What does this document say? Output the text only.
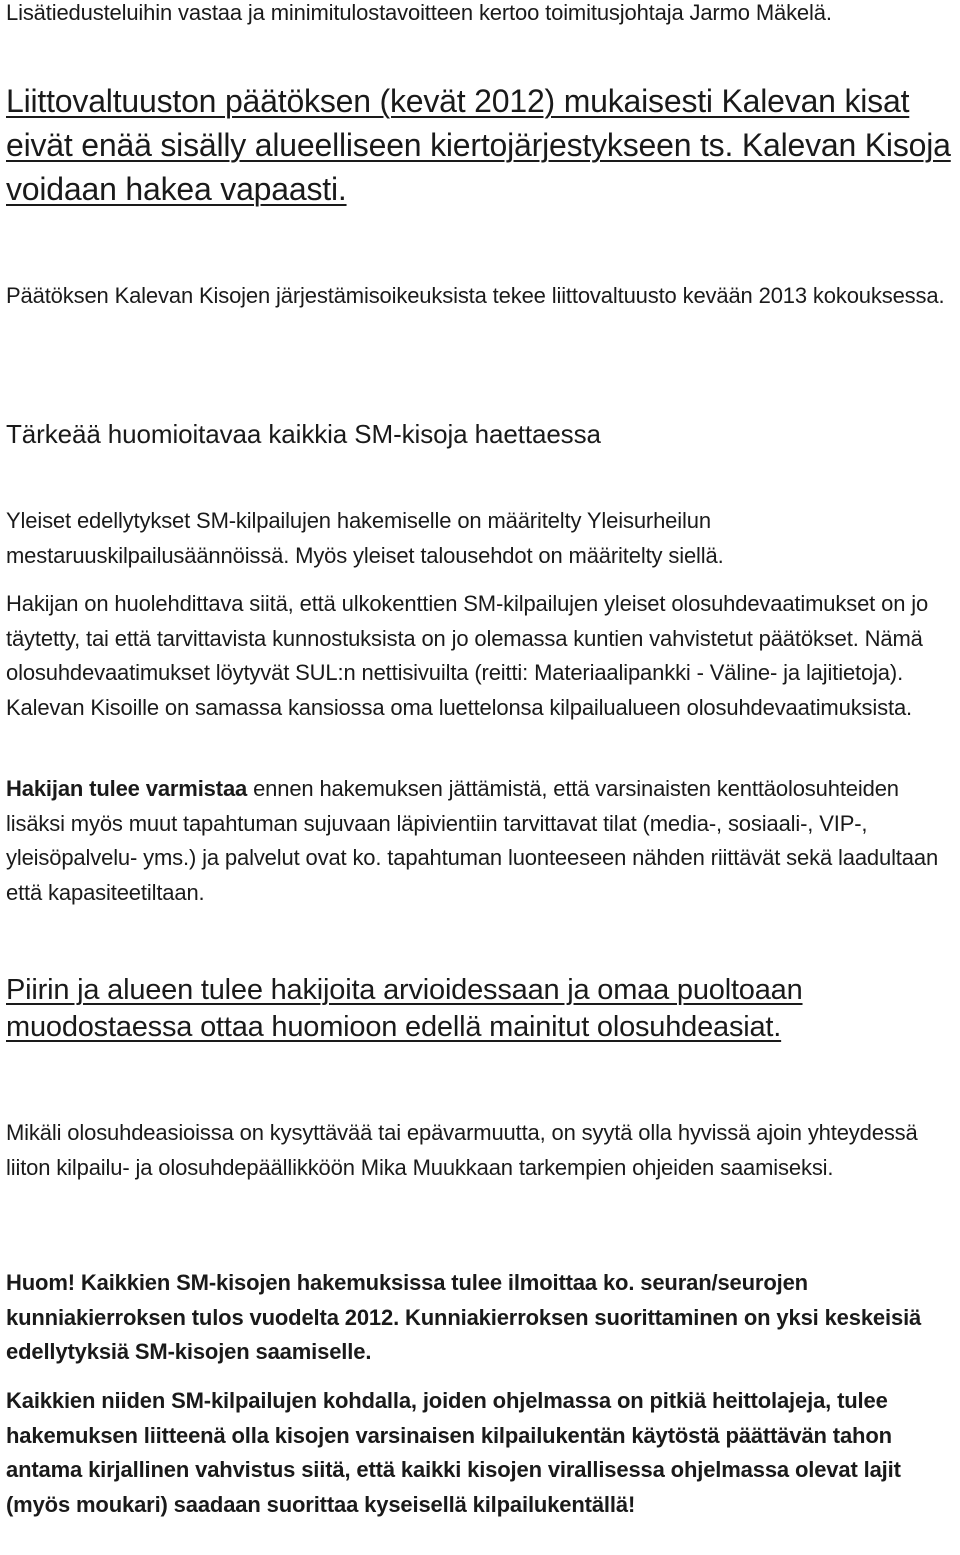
Lisätiedusteluihin vastaa ja minimitulostavoitteen kertoo toimitusjohtaja Jarmo Mäkelä.

Liittovaltuuston päätöksen (kevät 2012) mukaisesti Kalevan kisat eivät enää sisälly alueelliseen kiertojärjestykseen ts. Kalevan Kisoja voidaan hakea vapaasti.

Päätöksen Kalevan Kisojen järjestämisoikeuksista tekee liittovaltuusto kevään 2013 kokouksessa.

Tärkeää huomioitavaa kaikkia SM-kisoja haettaessa

Yleiset edellytykset SM-kilpailujen hakemiselle on määritelty Yleisurheilun mestaruuskilpailusäännöissä. Myös yleiset talousehdot on määritelty siellä.

Hakijan on huolehdittava siitä, että ulkokenttien SM-kilpailujen yleiset olosuhdevaatimukset on jo täytetty, tai että tarvittavista kunnostuksista on jo olemassa kuntien vahvistetut päätökset. Nämä olosuhdevaatimukset löytyvät SUL:n nettisivuilta (reitti: Materiaalipankki - Väline- ja lajitietoja). Kalevan Kisoille on samassa kansiossa oma luettelonsa kilpailualueen olosuhdevaatimuksista.

Hakijan tulee varmistaa ennen hakemuksen jättämistä, että varsinaisten kenttäolosuhteiden lisäksi myös muut tapahtuman sujuvaan läpivientiin tarvittavat tilat (media-, sosiaali-, VIP-, yleisöpalvelu- yms.) ja palvelut ovat ko. tapahtuman luonteeseen nähden riittävät sekä laadultaan että kapasiteetiltaan.

Piirin ja alueen tulee hakijoita arvioidessaan ja omaa puoltoaan muodostaessa ottaa huomioon edellä mainitut olosuhdeasiat.

Mikäli olosuhdeasioissa on kysyttävää tai epävarmuutta, on syytä olla hyvissä ajoin yhteydessä liiton kilpailu- ja olosuhdepäällikköön Mika Muukkaan tarkempien ohjeiden saamiseksi.

Huom! Kaikkien SM-kisojen hakemuksissa tulee ilmoittaa ko. seuran/seurojen kunniakierroksen tulos vuodelta 2012. Kunniakierroksen suorittaminen on yksi keskeisiä edellytyksiä SM-kisojen saamiselle.

Kaikkien niiden SM-kilpailujen kohdalla, joiden ohjelmassa on pitkiä heittolajeja, tulee hakemuksen liitteenä olla kisojen varsinaisen kilpailukentän käytöstä päättävän tahon antama kirjallinen vahvistus siitä, että kaikki kisojen virallisessa ohjelmassa olevat lajit (myös moukari) saadaan suorittaa kyseisellä kilpailukentällä!
